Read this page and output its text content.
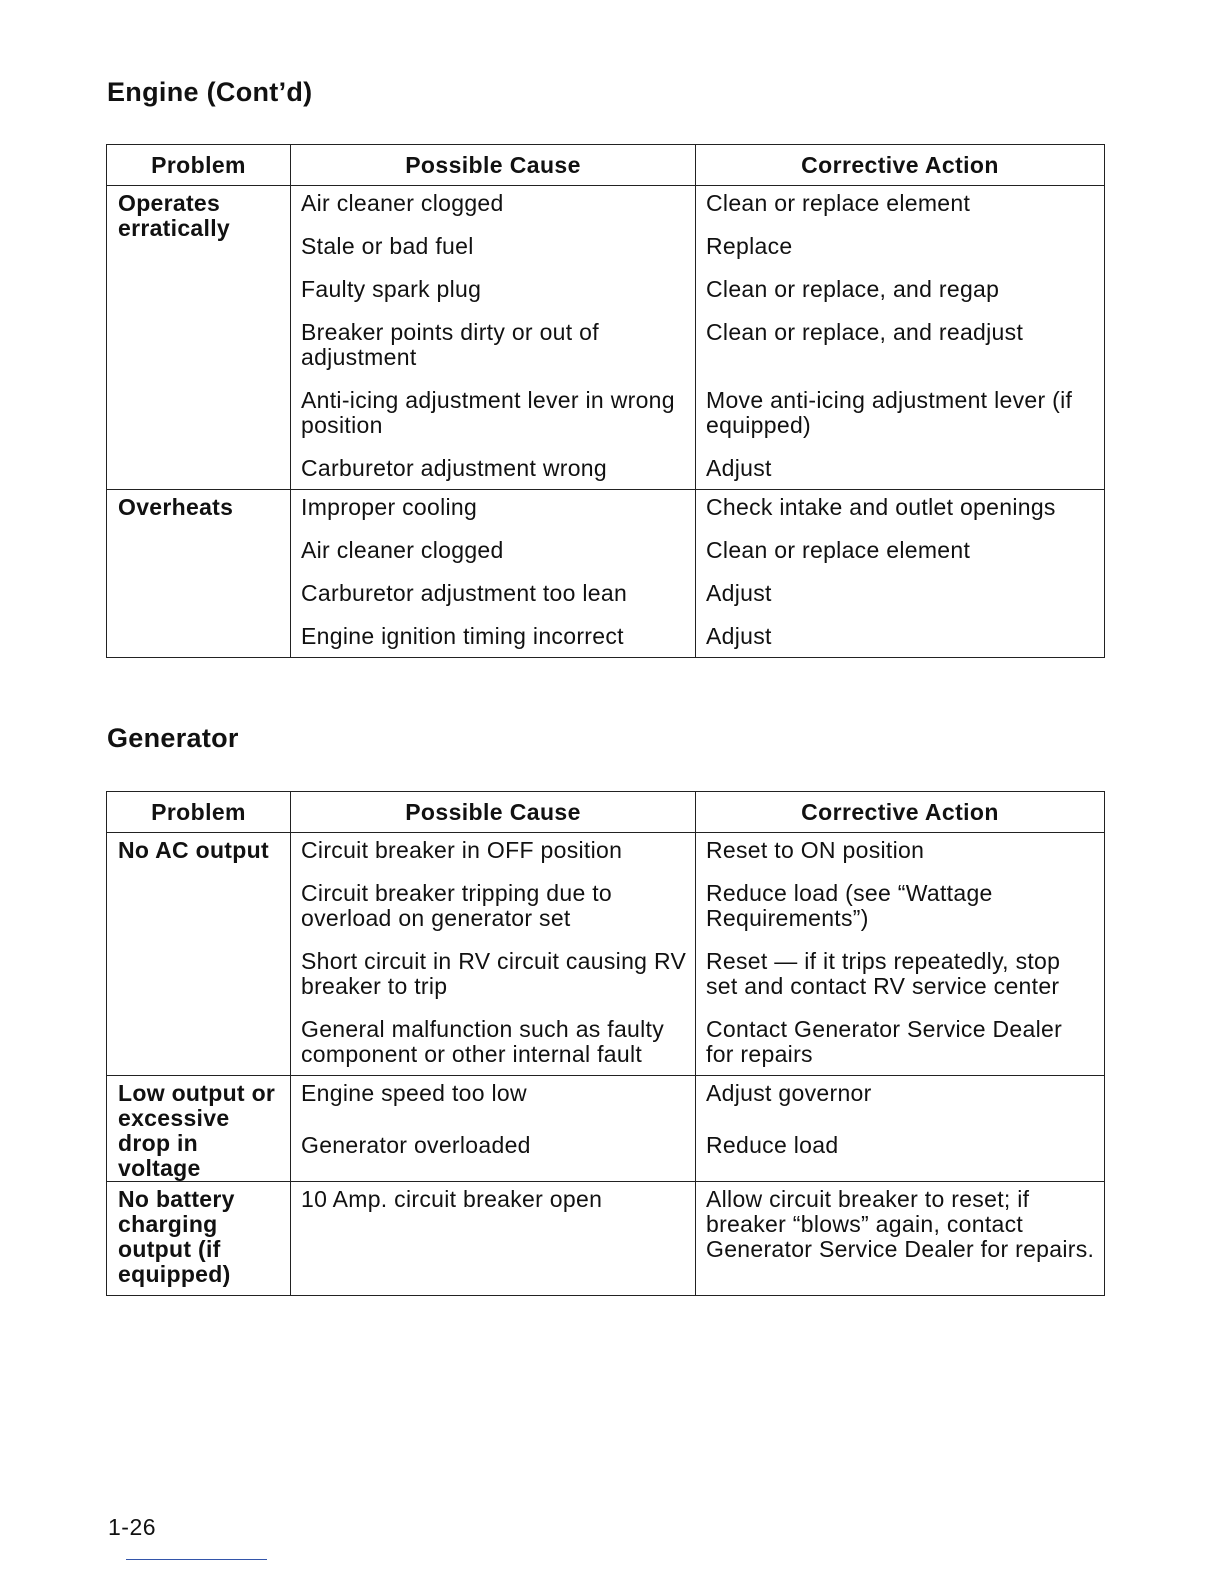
Engine (Cont’d)
Problem	Possible Cause	Corrective Action
Operates erratically	Air cleaner clogged	Clean or replace element
	Stale or bad fuel	Replace
	Faulty spark plug	Clean or replace, and regap
	Breaker points dirty or out of adjustment	Clean or replace, and readjust
	Anti-icing adjustment lever in wrong position	Move anti-icing adjustment lever (if equipped)
	Carburetor adjustment wrong	Adjust
Overheats	Improper cooling	Check intake and outlet openings
	Air cleaner clogged	Clean or replace element
	Carburetor adjustment too lean	Adjust
	Engine ignition timing incorrect	Adjust
Generator
Problem	Possible Cause	Corrective Action
No AC output	Circuit breaker in OFF position	Reset to ON position
	Circuit breaker tripping due to overload on generator set	Reduce load (see “Wattage Requirements”)
	Short circuit in RV circuit causing RV breaker to trip	Reset — if it trips repeatedly, stop set and contact RV service center
	General malfunction such as faulty component or other internal fault	Contact Generator Service Dealer for repairs
Low output or excessive drop in voltage	Engine speed too low	Adjust governor
	Generator overloaded	Reduce load
No battery charging output (if equipped)	10 Amp. circuit breaker open	Allow circuit breaker to reset; if breaker “blows” again, contact Generator Service Dealer for repairs.
1-26
